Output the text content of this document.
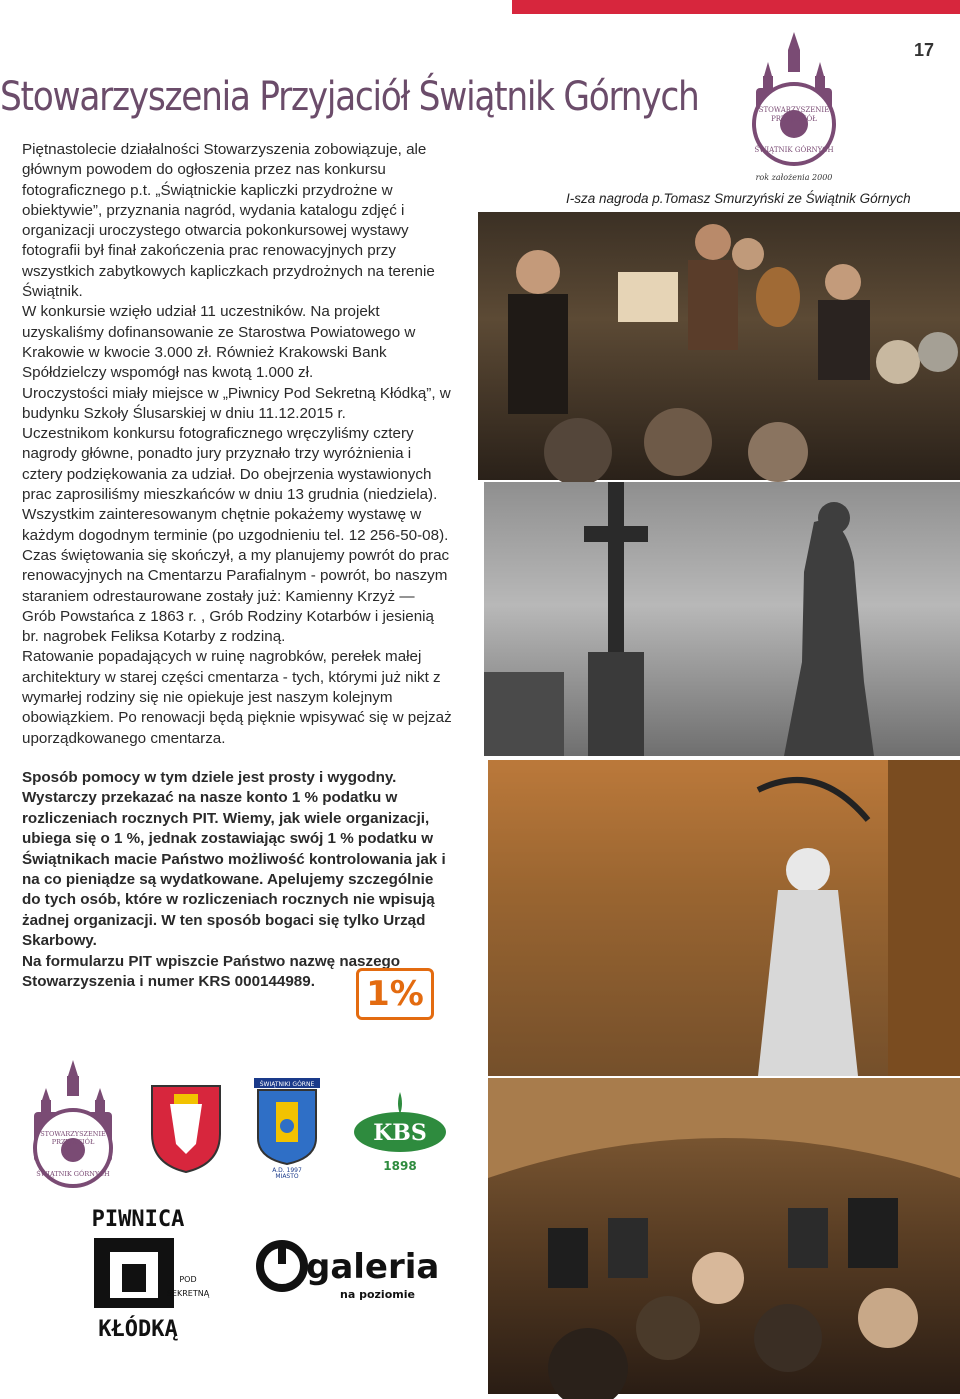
17
Stowarzyszenia Przyjaciół Świątnik Górnych

Piętnastolecie działalności Stowarzyszenia zobowiązuje, ale głównym powodem do ogłoszenia przez nas konkursu fotograficznego p.t. „Świątnickie kapliczki przydrożne w obiektywie”, przyznania nagród, wydania katalogu zdjęć i organizacji uroczystego otwarcia pokonkursowej wystawy fotografii był finał zakończenia prac renowacyjnych przy wszystkich zabytkowych kapliczkach przydrożnych na terenie Świątnik.

W konkursie wzięło udział 11 uczestników. Na projekt uzyskaliśmy dofinansowanie ze Starostwa Powiatowego w Krakowie w kwocie 3.000 zł. Również Krakowski Bank Spółdzielczy wspomógł nas kwotą 1.000 zł.

Uroczystości miały miejsce w „Piwnicy Pod Sekretną Kłódką”, w budynku Szkoły Ślusarskiej w dniu 11.12.2015 r.

Uczestnikom konkursu fotograficznego wręczyliśmy cztery nagrody główne, ponadto jury przyznało trzy wyróżnienia i cztery podziękowania za udział. Do obejrzenia wystawionych prac zaprosiliśmy mieszkańców w dniu 13 grudnia (niedziela).

Wszystkim zainteresowanym chętnie pokażemy wystawę w każdym dogodnym terminie (po uzgodnieniu tel. 12 256-50-08).

Czas świętowania się skończył, a my planujemy powrót do prac renowacyjnych na Cmentarzu Parafialnym - powrót, bo naszym staraniem odrestaurowane zostały już: Kamienny Krzyż — Grób Powstańca z 1863 r. , Grób Rodziny Kotarbów i jesienią br. nagrobek Feliksa Kotarby z rodziną.

Ratowanie popadających w ruinę nagrobków, perełek małej architektury w starej części cmentarza - tych, którymi już nikt z wymarłej rodziny się nie opiekuje jest naszym kolejnym obowiązkiem. Po renowacji będą pięknie wpisywać się w pejzaż uporządkowanego cmentarza.

Sposób pomocy w tym dziele jest prosty i wygodny. Wystarczy przekazać na nasze konto 1 % podatku w rozliczeniach rocznych PIT. Wiemy, jak wiele organizacji, ubiega się o 1 %, jednak zostawiając swój 1 % podatku w Świątnikach macie Państwo możliwość kontrolowania jak i na co pieniądze są wydatkowane. Apelujemy szczególnie do tych osób, które w rozliczeniach rocznych nie wpisują żadnej organizacji. W ten sposób bogaci się tylko Urząd Skarbowy.

Na formularzu PIT wpiszcie Państwo nazwę naszego Stowarzyszenia i numer KRS 000144989.	1%
STOWARZYSZENIE
PRZYJACIÓŁ
ŚWIĄTNIK GÓRNYCH
rok założenia 2000
I-sza nagroda p.Tomasz Smurzyński ze Świątnik Górnych
STOWARZYSZENIE
PRZYJACIÓŁ
ŚWIĄTNIK GÓRNYCH
ŚWIĄTNIKI GÓRNE
A.D. 1997
MIASTO
KBS
1898
PIWNICA
POD
SEKRETNĄ
KŁÓDKĄ
galeria
na poziomie
